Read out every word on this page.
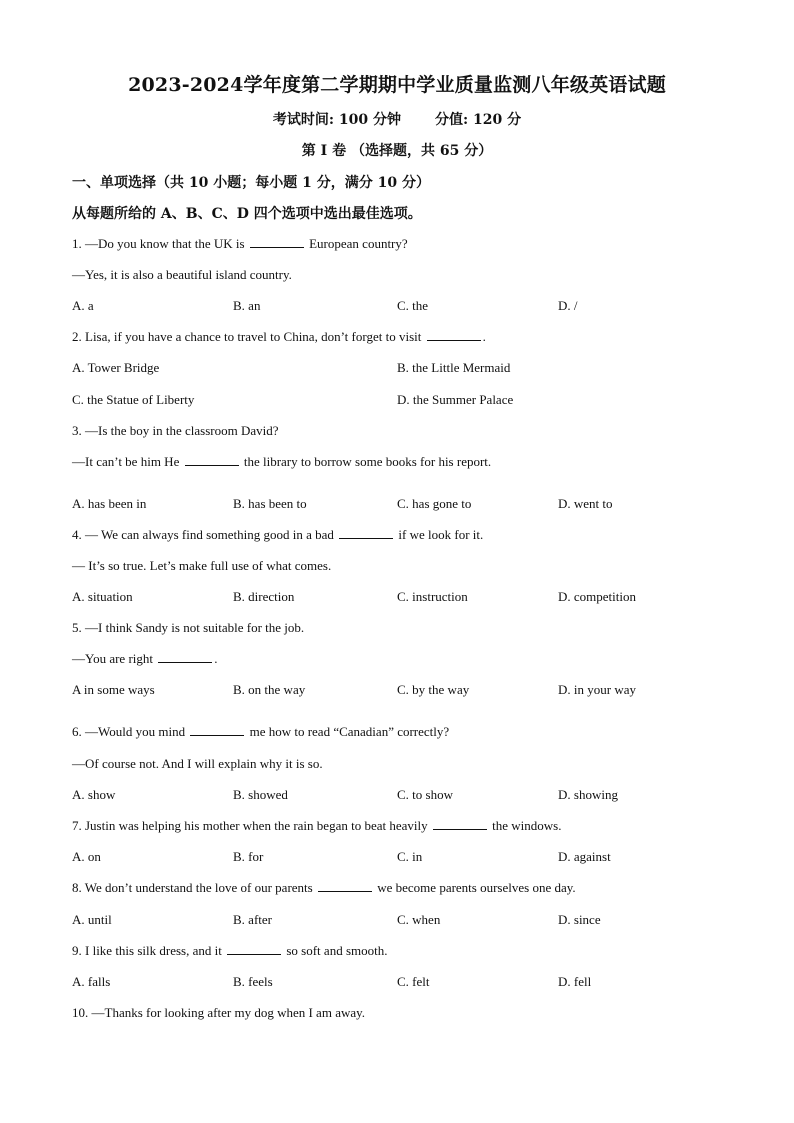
2023-2024学年度第二学期期中学业质量监测八年级英语试题
考试时间: 100 分钟 分值: 120 分
第 I 卷 （选择题，共 65 分）
一、单项选择（共 10 小题；每小题 1 分，满分 10 分）
从每题所给的 A、B、C、D 四个选项中选出最佳选项。
1. —Do you know that the UK is	European country?
—Yes, it is also a beautiful island country.
A. a	B. an	C. the	D. /
2. Lisa, if you have a chance to travel to China, don’t forget to visit	.
A. Tower Bridge	B. the Little Mermaid
C. the Statue of Liberty	D. the Summer Palace
3. —Is the boy in the classroom David?
—It can’t be him He	the library to borrow some books for his report.
A. has been in	B. has been to	C. has gone to	D. went to
4. — We can always find something good in a bad	if we look for it.
— It’s so true. Let’s make full use of what comes.
A. situation	B. direction	C. instruction	D. competition
5. —I think Sandy is not suitable for the job.
—You are right	.
A in some ways	B. on the way	C. by the way	D. in your way
6. —Would you mind	me how to read “Canadian” correctly?
—Of course not. And I will explain why it is so.
A. show	B. showed	C. to show	D. showing
7. Justin was helping his mother when the rain began to beat heavily	the windows.
A. on	B. for	C. in	D. against
8. We don’t understand the love of our parents	we become parents ourselves one day.
A. until	B. after	C. when	D. since
9. I like this silk dress, and it	so soft and smooth.
A. falls	B. feels	C. felt	D. fell
10. —Thanks for looking after my dog when I am away.
